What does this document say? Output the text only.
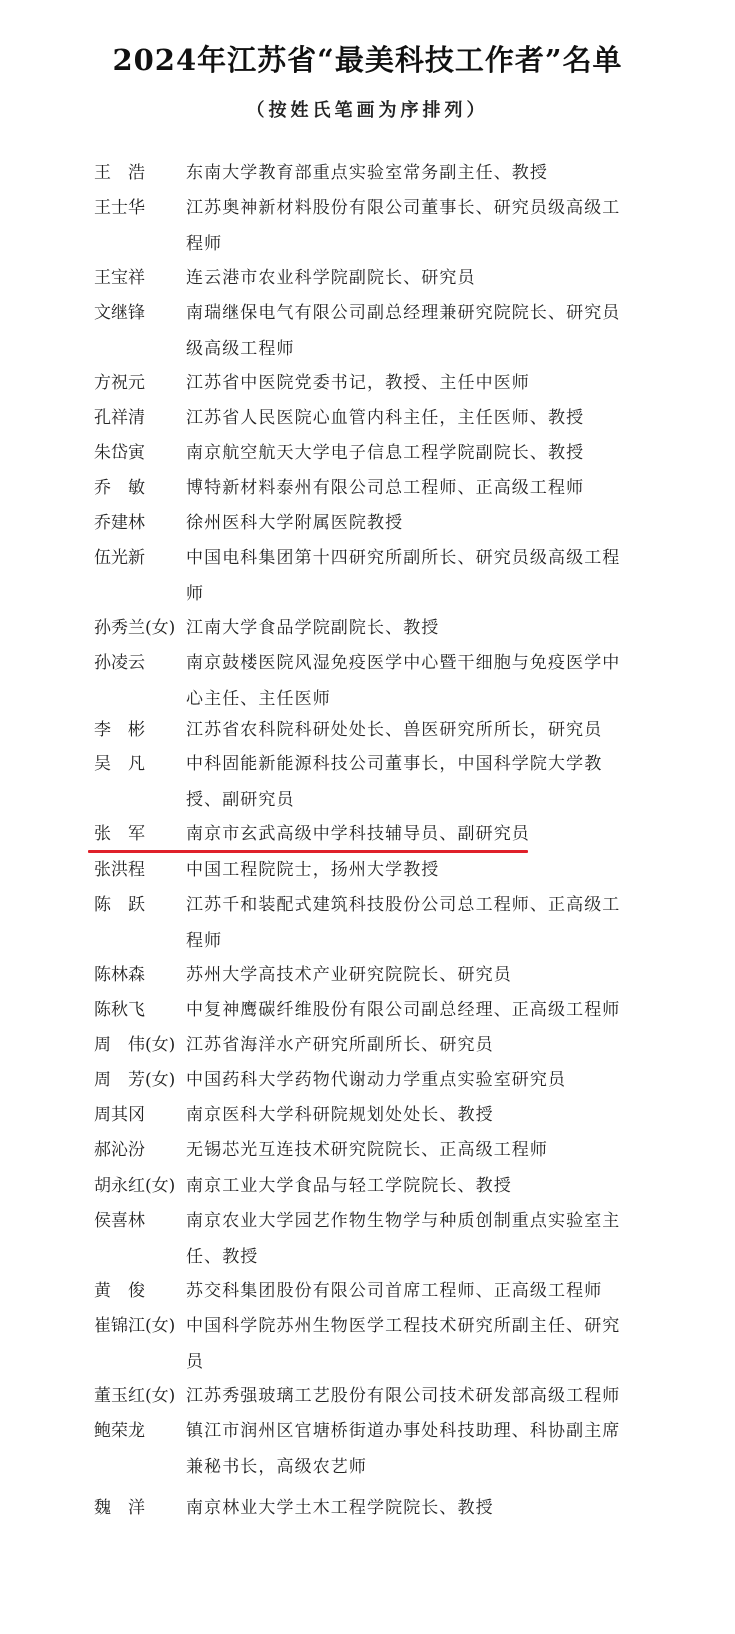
2024年江苏省“最美科技工作者”名单
（按姓氏笔画为序排列）
王　浩	东南大学教育部重点实验室常务副主任、教授
王士华	江苏奥神新材料股份有限公司董事长、研究员级高级工程师
王宝祥	连云港市农业科学院副院长、研究员
文继锋	南瑞继保电气有限公司副总经理兼研究院院长、研究员级高级工程师
方祝元	江苏省中医院党委书记，教授、主任中医师
孔祥清	江苏省人民医院心血管内科主任，主任医师、教授
朱岱寅	南京航空航天大学电子信息工程学院副院长、教授
乔　敏	博特新材料泰州有限公司总工程师、正高级工程师
乔建林	徐州医科大学附属医院教授
伍光新	中国电科集团第十四研究所副所长、研究员级高级工程师
孙秀兰(女) 江南大学食品学院副院长、教授
孙凌云	南京鼓楼医院风湿免疫医学中心暨干细胞与免疫医学中心主任、主任医师
李　彬	江苏省农科院科研处处长、兽医研究所所长，研究员
吴　凡	中科固能新能源科技公司董事长，中国科学院大学教授、副研究员
张　军	南京市玄武高级中学科技辅导员、副研究员
张洪程	中国工程院院士，扬州大学教授
陈　跃	江苏千和装配式建筑科技股份公司总工程师、正高级工程师
陈林森	苏州大学高技术产业研究院院长、研究员
陈秋飞	中复神鹰碳纤维股份有限公司副总经理、正高级工程师
周　伟(女) 江苏省海洋水产研究所副所长、研究员
周　芳(女) 中国药科大学药物代谢动力学重点实验室研究员
周其冈	南京医科大学科研院规划处处长、教授
郝沁汾	无锡芯光互连技术研究院院长、正高级工程师
胡永红(女) 南京工业大学食品与轻工学院院长、教授
侯喜林	南京农业大学园艺作物生物学与种质创制重点实验室主任、教授
黄　俊	苏交科集团股份有限公司首席工程师、正高级工程师
崔锦江(女) 中国科学院苏州生物医学工程技术研究所副主任、研究员
董玉红(女) 江苏秀强玻璃工艺股份有限公司技术研发部高级工程师
鲍荣龙	镇江市润州区官塘桥街道办事处科技助理、科协副主席兼秘书长，高级农艺师
魏　洋	南京林业大学土木工程学院院长、教授
